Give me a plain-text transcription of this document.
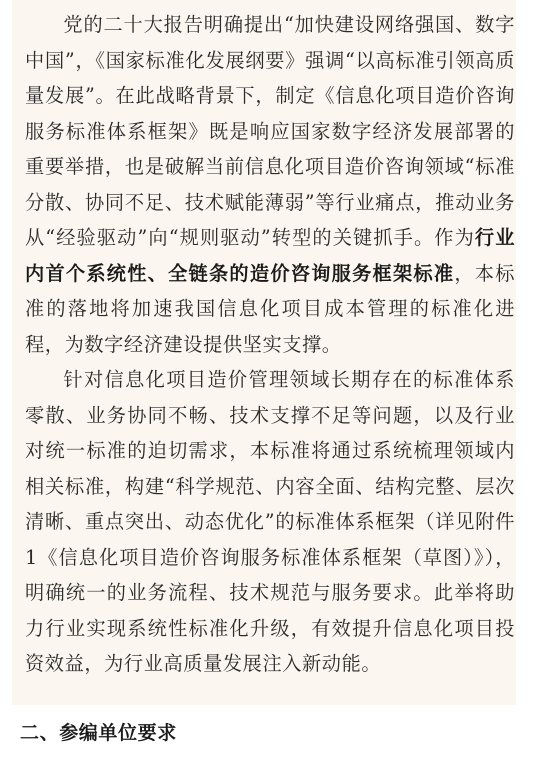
党的二十大报告明确提出“加快建设网络强国、数字中国”，《国家标准化发展纲要》强调“以高标准引领高质量发展”。在此战略背景下，制定《信息化项目造价咨询服务标准体系框架》既是响应国家数字经济发展部署的重要举措，也是破解当前信息化项目造价咨询领域“标准分散、协同不足、技术赋能薄弱”等行业痛点，推动业务从“经验驱动”向“规则驱动”转型的关键抓手。作为行业内首个系统性、全链条的造价咨询服务框架标准，本标准的落地将加速我国信息化项目成本管理的标准化进程，为数字经济建设提供坚实支撑。

针对信息化项目造价管理领域长期存在的标准体系零散、业务协同不畅、技术支撑不足等问题，以及行业对统一标准的迫切需求，本标准将通过系统梳理领域内相关标准，构建“科学规范、内容全面、结构完整、层次清晰、重点突出、动态优化”的标准体系框架（详见附件 1《信息化项目造价咨询服务标准体系框架（草图）》），明确统一的业务流程、技术规范与服务要求。此举将助力行业实现系统性标准化升级，有效提升信息化项目投资效益，为行业高质量发展注入新动能。

二、参编单位要求
